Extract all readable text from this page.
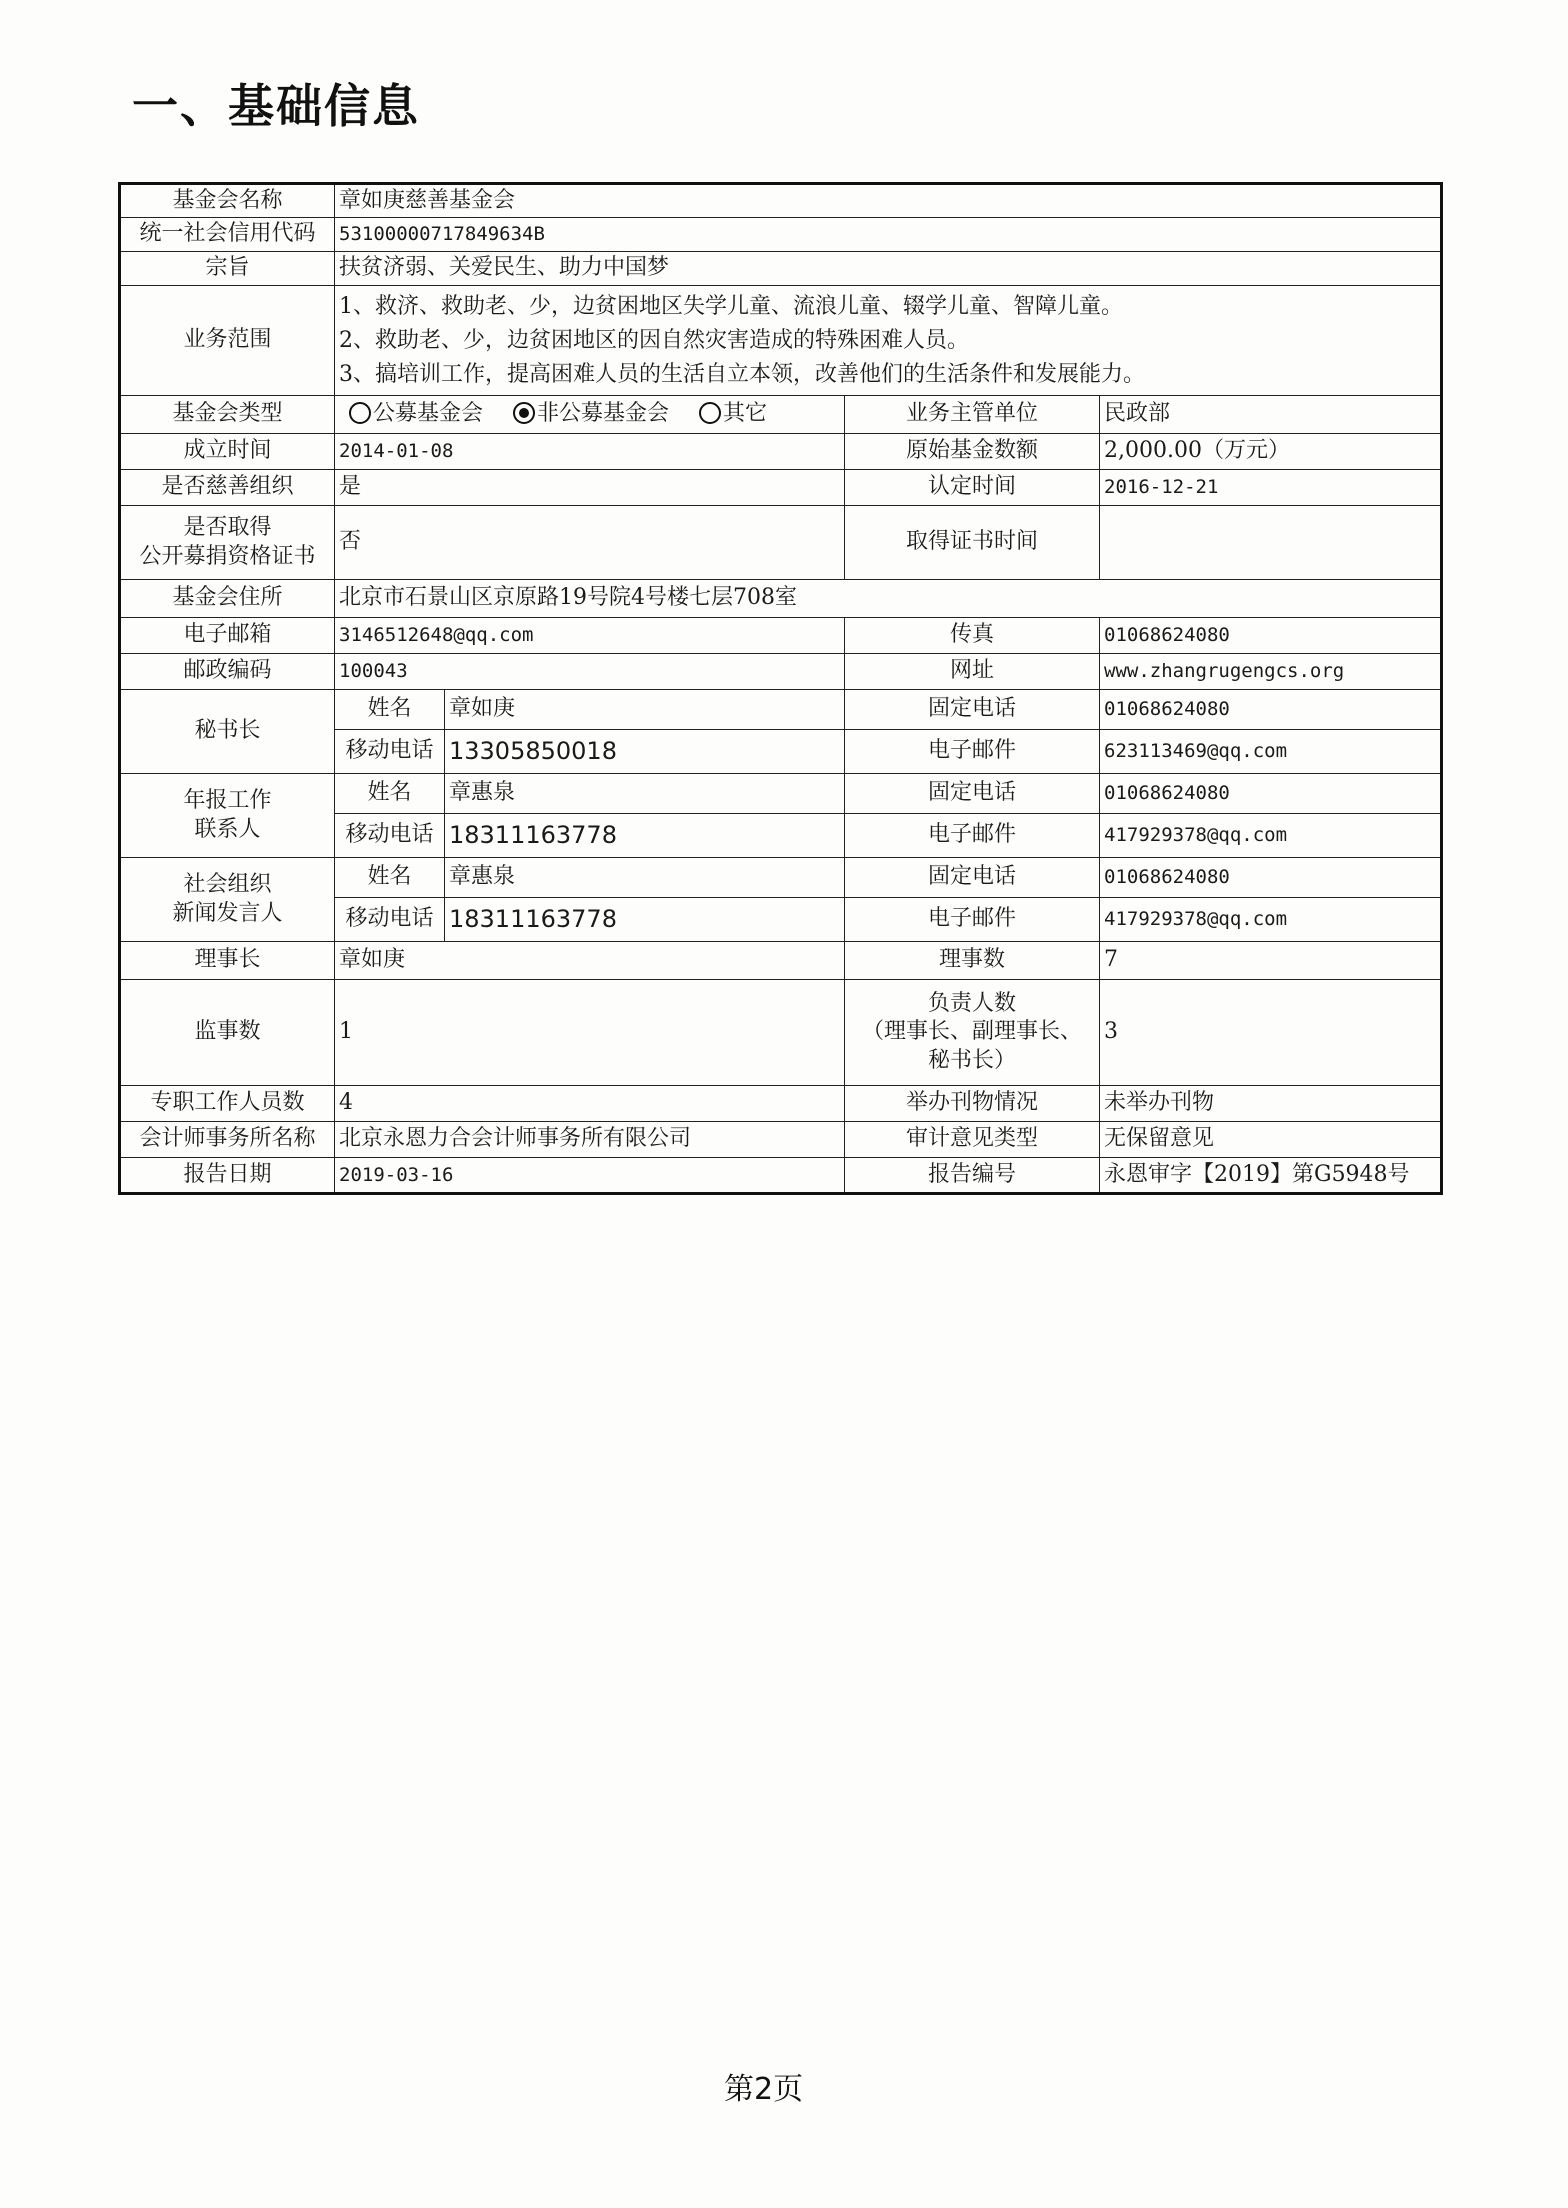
一、基础信息
基金会名称	章如庚慈善基金会			
统一社会信用代码	53100000717849634B			
宗旨	扶贫济弱、关爱民生、助力中国梦			
业务范围	1、救济、救助老、少，边贫困地区失学儿童、流浪儿童、辍学儿童、智障儿童。
2、救助老、少，边贫困地区的因自然灾害造成的特殊困难人员。
3、搞培训工作，提高困难人员的生活自立本领，改善他们的生活条件和发展能力。			

基金会类型	公募基金会 非公募基金会 其它		业务主管单位	民政部
成立时间	2014-01-08		原始基金数额	2,000.00（万元）
是否慈善组织	是		认定时间	2016-12-21

是否取得
公开募捐资格证书	否		取得证书时间	
基金会住所	北京市石景山区京原路19号院4号楼七层708室			
电子邮箱	3146512648@qq.com		传真	01068624080
邮政编码	100043		网址	www.zhangrugengcs.org
秘书长	姓名	章如庚	固定电话	01068624080
	移动电话	13305850018	电子邮件	623113469@qq.com

年报工作
联系人	姓名	章惠泉	固定电话	01068624080
	移动电话	18311163778	电子邮件	417929378@qq.com

社会组织
新闻发言人	姓名	章惠泉	固定电话	01068624080
	移动电话	18311163778	电子邮件	417929378@qq.com
理事长	章如庚		理事数	7
监事数	1		负责人数
（理事长、副理事长、
秘书长）	3
专职工作人员数	4		举办刊物情况	未举办刊物
会计师事务所名称	北京永恩力合会计师事务所有限公司		审计意见类型	无保留意见
报告日期	2019-03-16		报告编号	永恩审字【2019】第G5948号
第2页
